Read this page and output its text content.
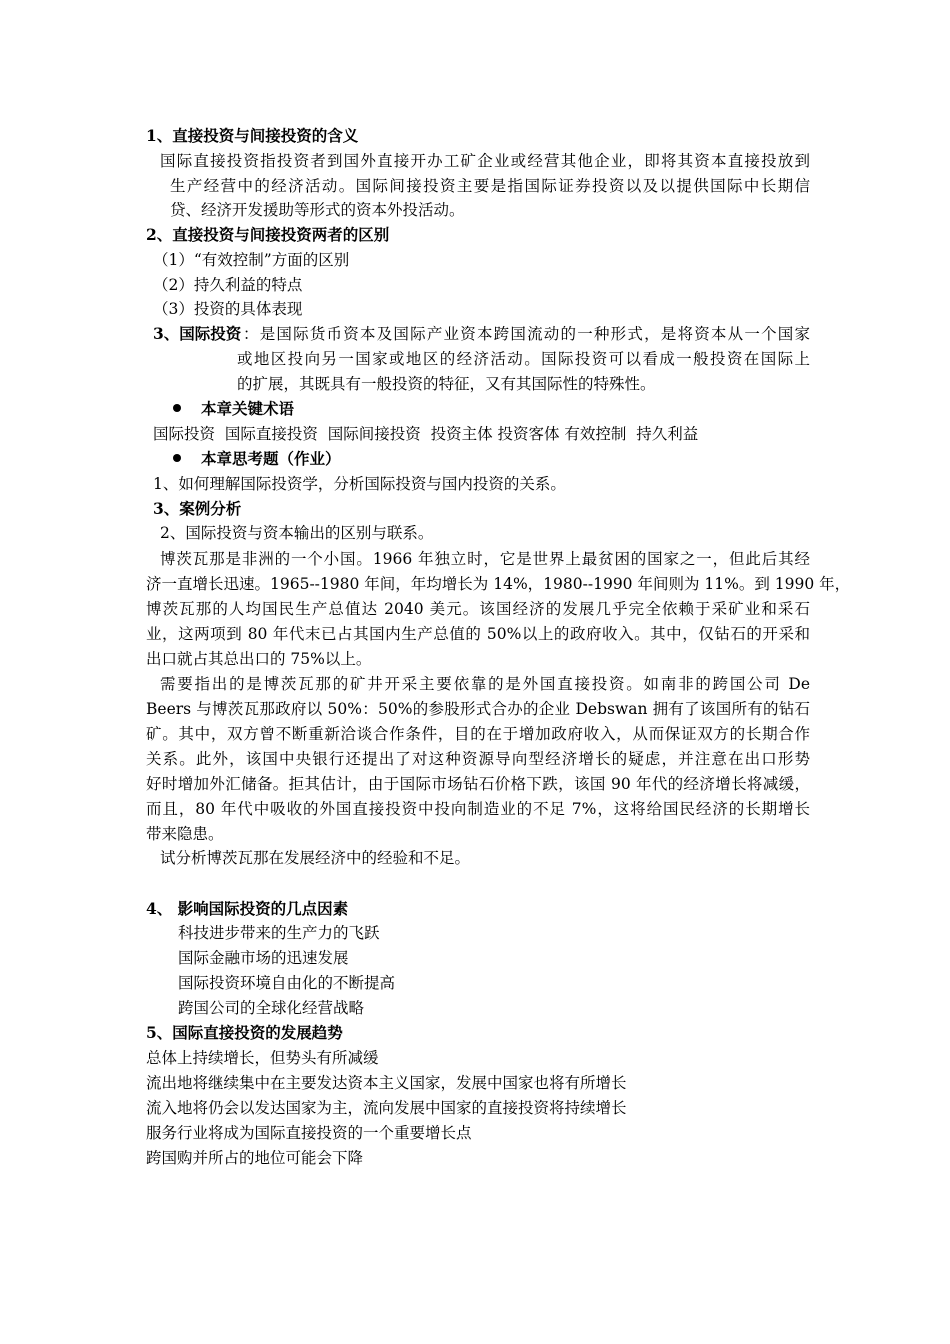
1、直接投资与间接投资的含义
国际直接投资指投资者到国外直接开办工矿企业或经营其他企业，即将其资本直接投放到
生产经营中的经济活动。国际间接投资主要是指国际证券投资以及以提供国际中长期信
贷、经济开发援助等形式的资本外投活动。
2、直接投资与间接投资两者的区别
（1）“有效控制”方面的区别
（2）持久利益的特点
（3）投资的具体表现
3、国际投资 ：是国际货币资本及国际产业资本跨国流动的一种形式，是将资本从一个国家
或地区投向另一国家或地区的经济活动。国际投资可以看成一般投资在国际上
的扩展，其既具有一般投资的特征，又有其国际性的特殊性。
本章关键术语
国际投资  国际直接投资  国际间接投资  投资主体 投资客体 有效控制  持久利益
本章思考题（作业）
1、如何理解国际投资学，分析国际投资与国内投资的关系。
3、案例分析
2、国际投资与资本输出的区别与联系。
博茨瓦那是非洲的一个小国。1966 年独立时，它是世界上最贫困的国家之一，但此后其经
济一直增长迅速。1965--1980 年间，年均增长为 14%，1980--1990 年间则为 11%。到 1990 年，
博茨瓦那的人均国民生产总值达 2040 美元。该国经济的发展几乎完全依赖于采矿业和采石
业，这两项到 80 年代末已占其国内生产总值的 50%以上的政府收入。其中，仅钻石的开采和
出口就占其总出口的 75%以上。
需要指出的是博茨瓦那的矿井开采主要依靠的是外国直接投资。如南非的跨国公司 De
Beers 与博茨瓦那政府以 50%：50%的参股形式合办的企业 Debswan 拥有了该国所有的钻石
矿。其中，双方曾不断重新洽谈合作条件，目的在于增加政府收入，从而保证双方的长期合作
关系。此外，该国中央银行还提出了对这种资源导向型经济增长的疑虑，并注意在出口形势
好时增加外汇储备。拒其估计，由于国际市场钻石价格下跌，该国 90 年代的经济增长将减缓，
而且，80 年代中吸收的外国直接投资中投向制造业的不足 7%，这将给国民经济的长期增长
带来隐患。
试分析博茨瓦那在发展经济中的经验和不足。
4、 影响国际投资的几点因素
科技进步带来的生产力的飞跃
国际金融市场的迅速发展
国际投资环境自由化的不断提高
跨国公司的全球化经营战略
5、国际直接投资的发展趋势
总体上持续增长，但势头有所减缓
流出地将继续集中在主要发达资本主义国家，发展中国家也将有所增长
流入地将仍会以发达国家为主，流向发展中国家的直接投资将持续增长
服务行业将成为国际直接投资的一个重要增长点
跨国购并所占的地位可能会下降
